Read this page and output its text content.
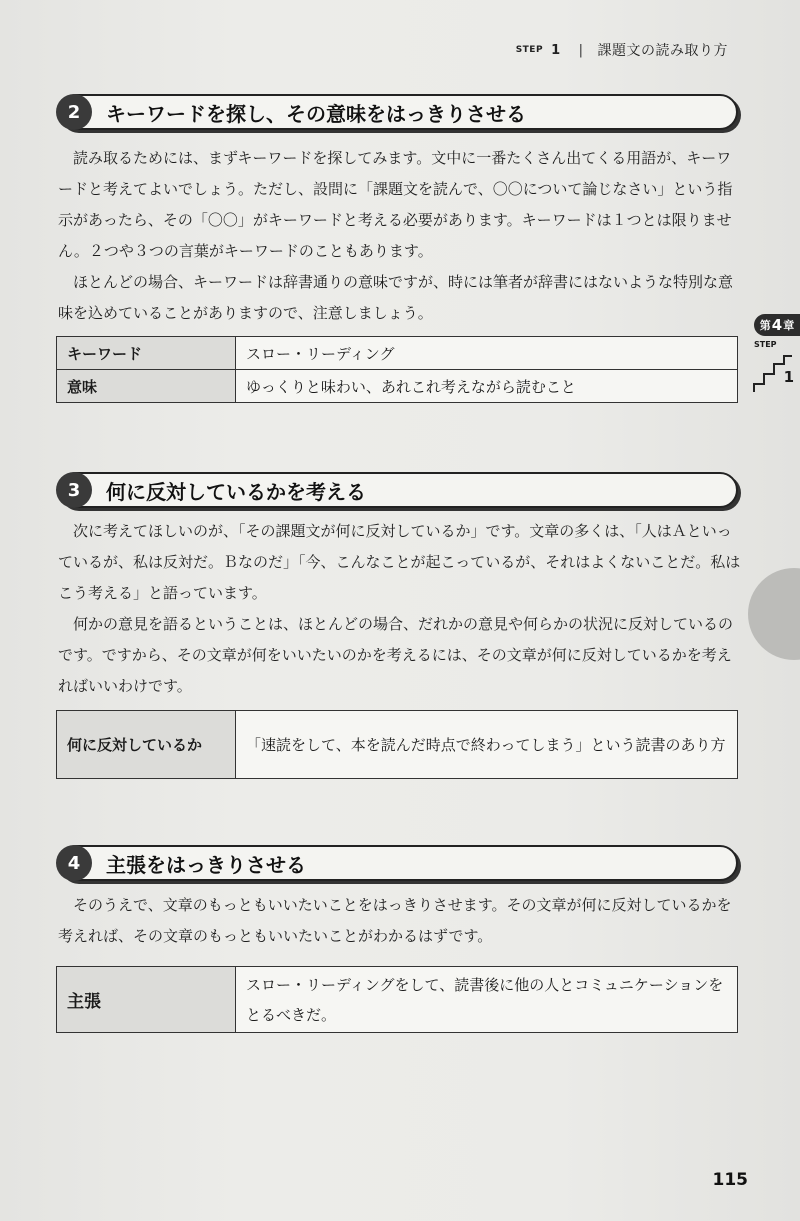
STEP 1 | 課題文の読み取り方
2	キーワードを探し、その意味をはっきりさせる

読み取るためには、まずキーワードを探してみます。文中に一番たくさん出てくる用語が、キーワードと考えてよいでしょう。ただし、設問に「課題文を読んで、〇〇について論じなさい」という指示があったら、その「〇〇」がキーワードと考える必要があります。キーワードは１つとは限りません。２つや３つの言葉がキーワードのこともあります。

ほとんどの場合、キーワードは辞書通りの意味ですが、時には筆者が辞書にはないような特別な意味を込めていることがありますので、注意しましょう。

キーワード	スロー・リーディング
意味	ゆっくりと味わい、あれこれ考えながら読むこと
3	何に反対しているかを考える

次に考えてほしいのが、「その課題文が何に反対しているか」です。文章の多くは、「人はＡといっているが、私は反対だ。Ｂなのだ」「今、こんなことが起こっているが、それはよくないことだ。私はこう考える」と語っています。

何かの意見を語るということは、ほとんどの場合、だれかの意見や何らかの状況に反対しているのです。ですから、その文章が何をいいたいのかを考えるには、その文章が何に反対しているかを考えればいいわけです。

何に反対しているか	「速読をして、本を読んだ時点で終わってしまう」という読書のあり方
4	主張をはっきりさせる

そのうえで、文章のもっともいいたいことをはっきりさせます。その文章が何に反対しているかを考えれば、その文章のもっともいいたいことがわかるはずです。

主張	スロー・リーディングをして、読書後に他の人とコミュニケーションをとるべきだ。
第 4 章
STEP
1
115
